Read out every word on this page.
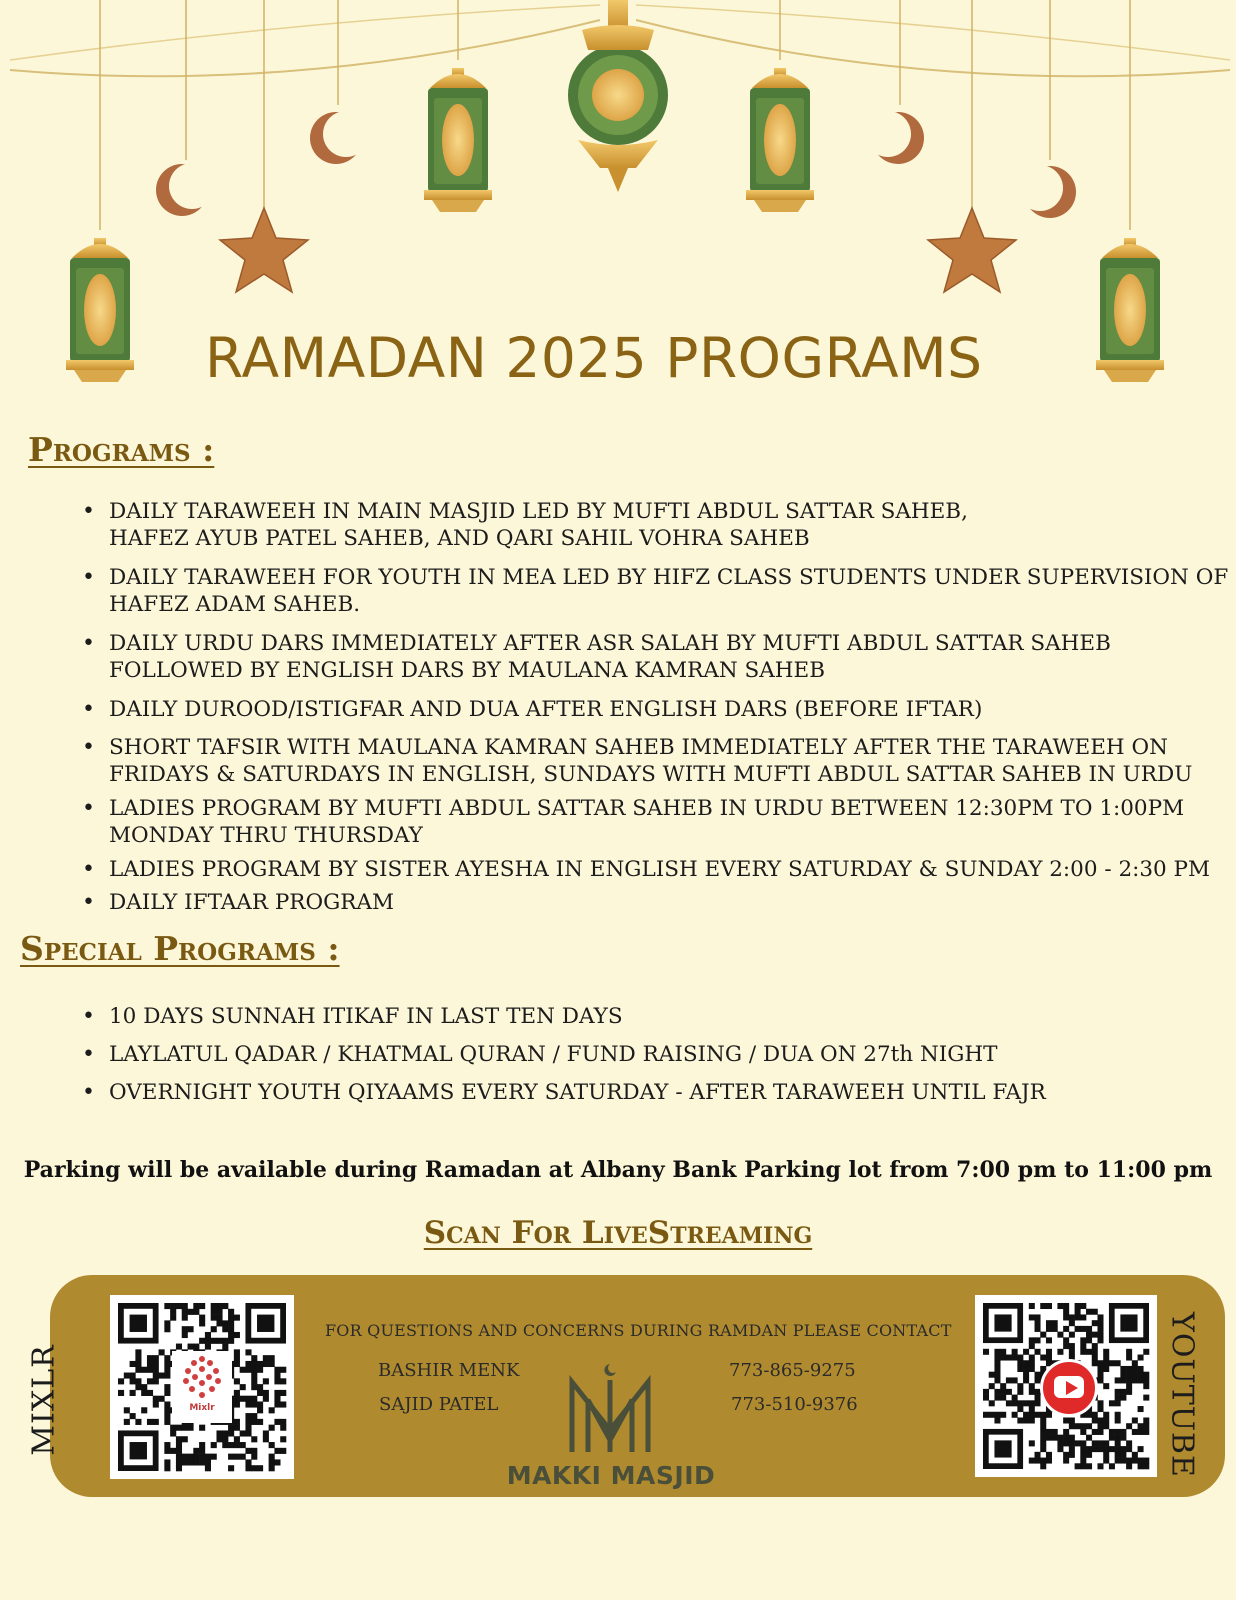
RAMADAN 2025 PROGRAMS
Programs :
• DAILY TARAWEEH IN MAIN MASJID LED BY MUFTI ABDUL SATTAR SAHEB, HAFEZ AYUB PATEL SAHEB, AND QARI SAHIL VOHRA SAHEB
• DAILY TARAWEEH FOR YOUTH IN MEA LED BY HIFZ CLASS STUDENTS UNDER SUPERVISION OF HAFEZ ADAM SAHEB.
• DAILY URDU DARS IMMEDIATELY AFTER ASR SALAH BY MUFTI ABDUL SATTAR SAHEB FOLLOWED BY ENGLISH DARS BY MAULANA KAMRAN SAHEB
• DAILY DUROOD/ISTIGFAR AND DUA AFTER ENGLISH DARS (BEFORE IFTAR)
• SHORT TAFSIR WITH MAULANA KAMRAN SAHEB IMMEDIATELY AFTER THE TARAWEEH ON FRIDAYS & SATURDAYS IN ENGLISH, SUNDAYS WITH MUFTI ABDUL SATTAR SAHEB IN URDU
• LADIES PROGRAM BY MUFTI ABDUL SATTAR SAHEB IN URDU BETWEEN 12:30PM TO 1:00PM MONDAY THRU THURSDAY
• LADIES PROGRAM BY SISTER AYESHA IN ENGLISH EVERY SATURDAY & SUNDAY 2:00 - 2:30 PM
• DAILY IFTAAR PROGRAM
Special Programs :
• 10 DAYS SUNNAH ITIKAF IN LAST TEN DAYS
• LAYLATUL QADAR / KHATMAL QURAN / FUND RAISING / DUA ON 27th NIGHT
• OVERNIGHT YOUTH QIYAAMS EVERY SATURDAY - AFTER TARAWEEH UNTIL FAJR
Parking will be available during Ramadan at Albany Bank Parking lot from 7:00 pm to 11:00 pm
Scan For LiveStreaming
MIXLR	YOUTUBE
Mixlr
FOR QUESTIONS AND CONCERNS DURING RAMDAN PLEASE CONTACT
BASHIR MENK
SAJID PATEL
773-865-9275
773-510-9376
MAKKI MASJID
